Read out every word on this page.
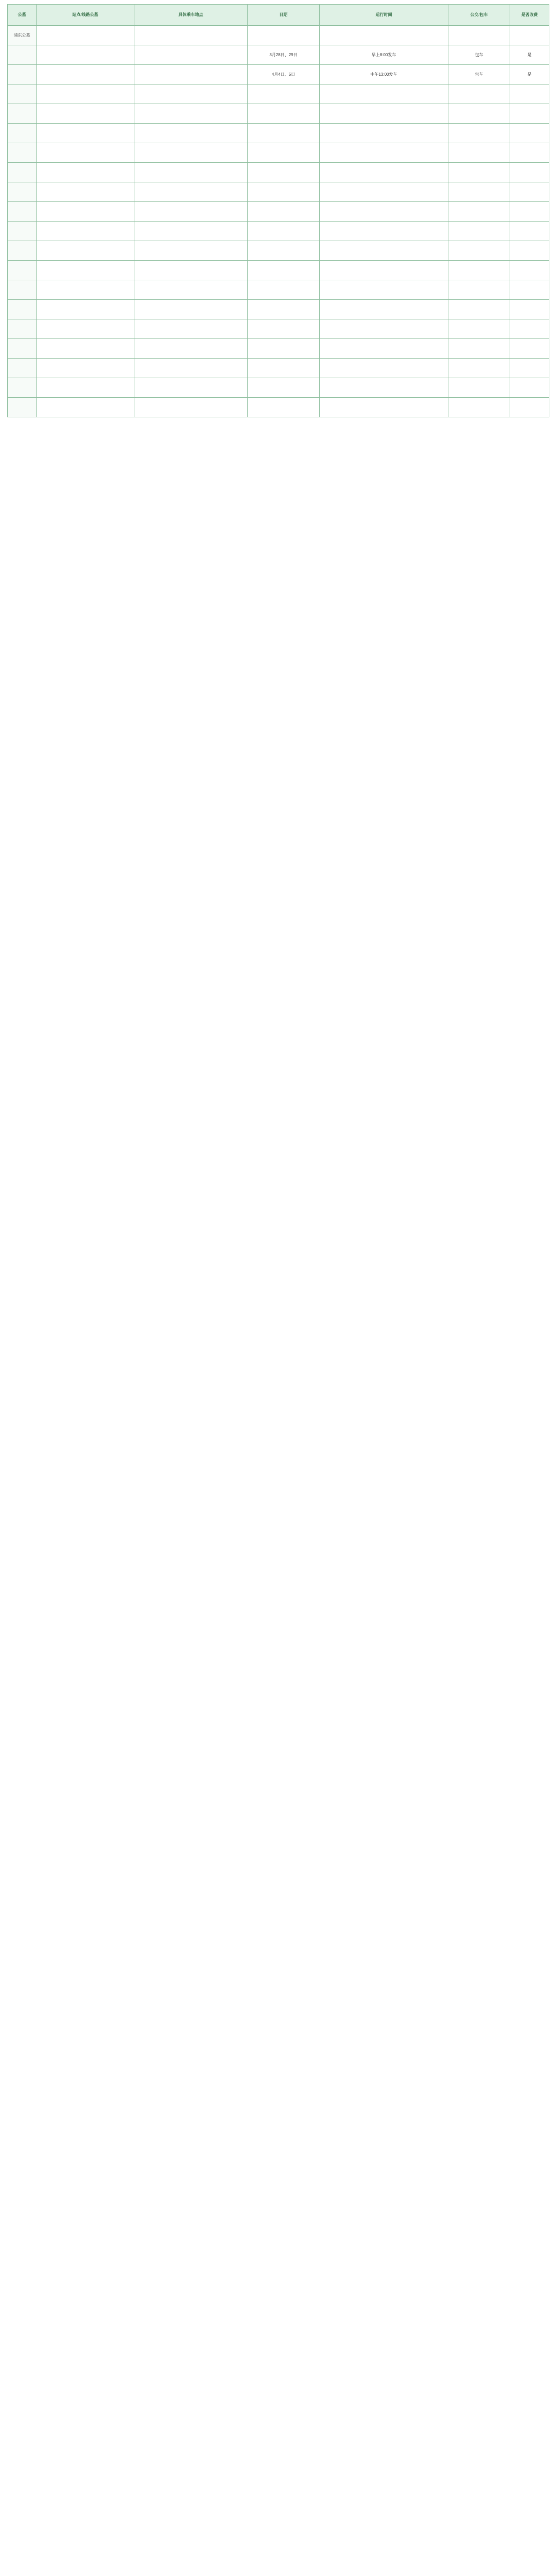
公墓	站点/线路公墓	具体乘车地点	日期	运行时间	公交/包车	是否收费
浦东公墓						
			3月28日、29日	早上8:00发车	包车	是
			4月4日、5日	中午13:00发车	包车	是
